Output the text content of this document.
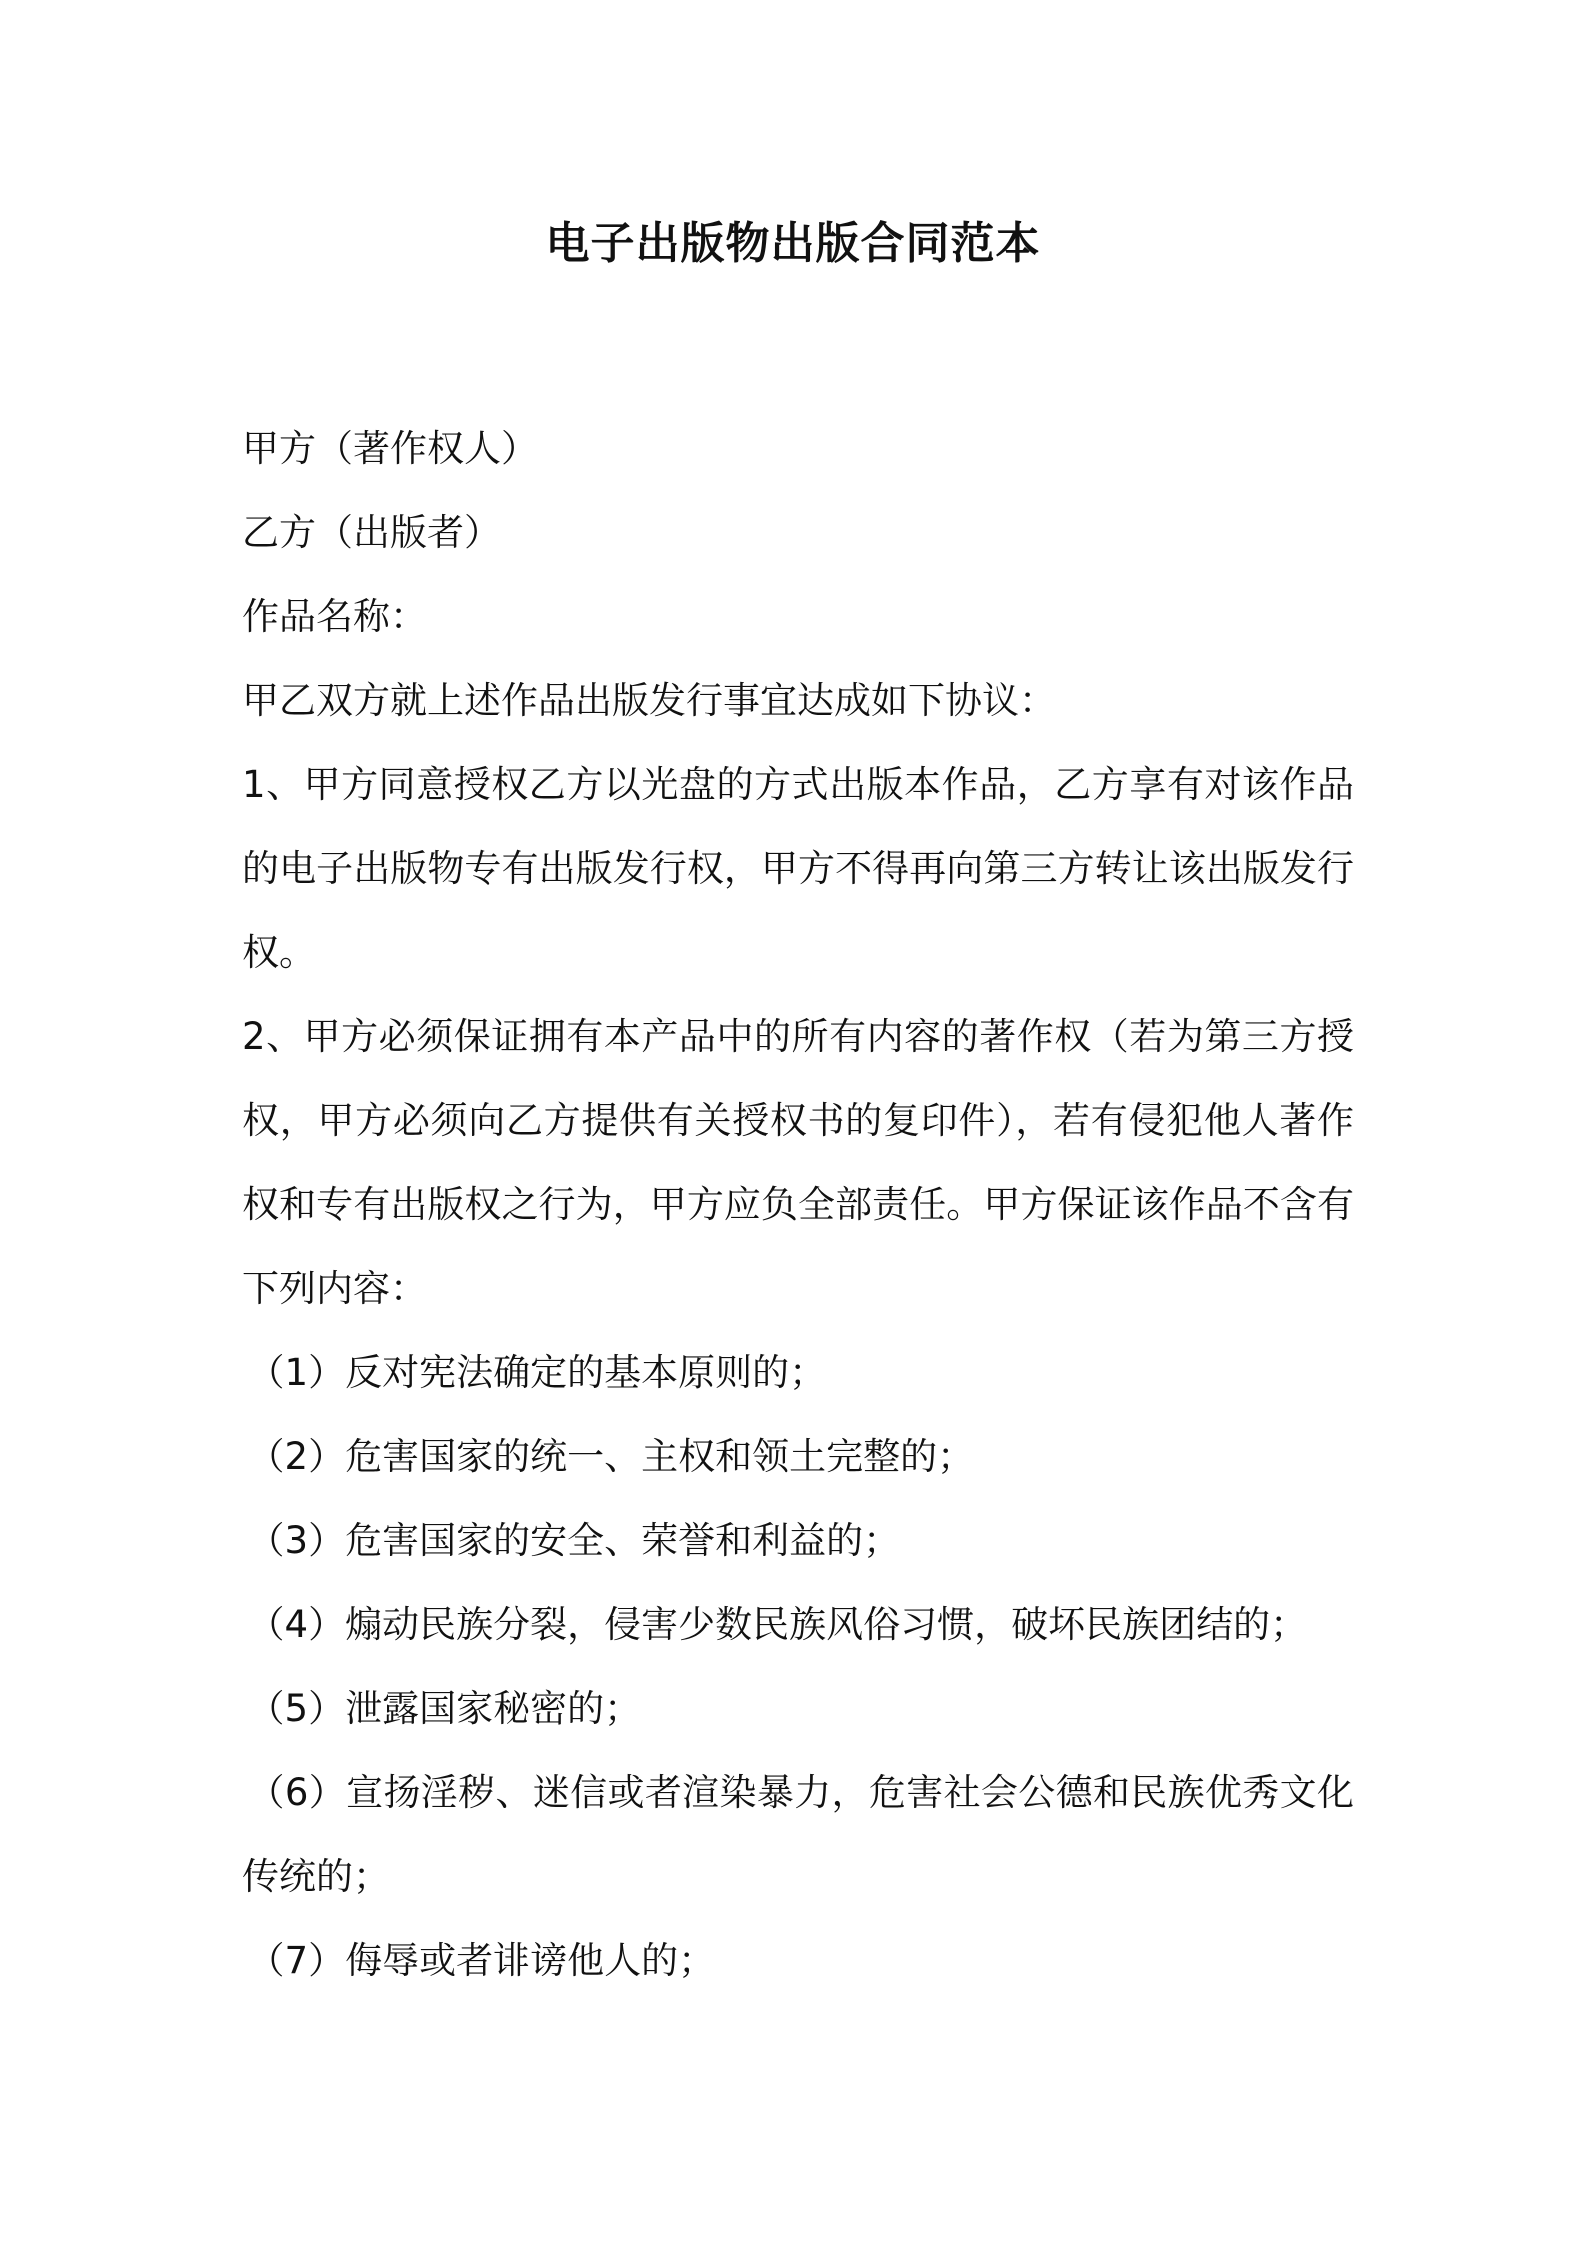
电子出版物出版合同范本

甲方（著作权人）

乙方（出版者）

作品名称：

甲乙双方就上述作品出版发行事宜达成如下协议：

1、甲方同意授权乙方以光盘的方式出版本作品，乙方享有对该作品的电子出版物专有出版发行权，甲方不得再向第三方转让该出版发行权。

2、甲方必须保证拥有本产品中的所有内容的著作权（若为第三方授权，甲方必须向乙方提供有关授权书的复印件），若有侵犯他人著作权和专有出版权之行为，甲方应负全部责任。甲方保证该作品不含有下列内容：

（1）反对宪法确定的基本原则的；

（2）危害国家的统一、主权和领土完整的；

（3）危害国家的安全、荣誉和利益的；

（4）煽动民族分裂，侵害少数民族风俗习惯，破坏民族团结的；

（5）泄露国家秘密的；

（6）宣扬淫秽、迷信或者渲染暴力，危害社会公德和民族优秀文化传统的；

（7）侮辱或者诽谤他人的；
